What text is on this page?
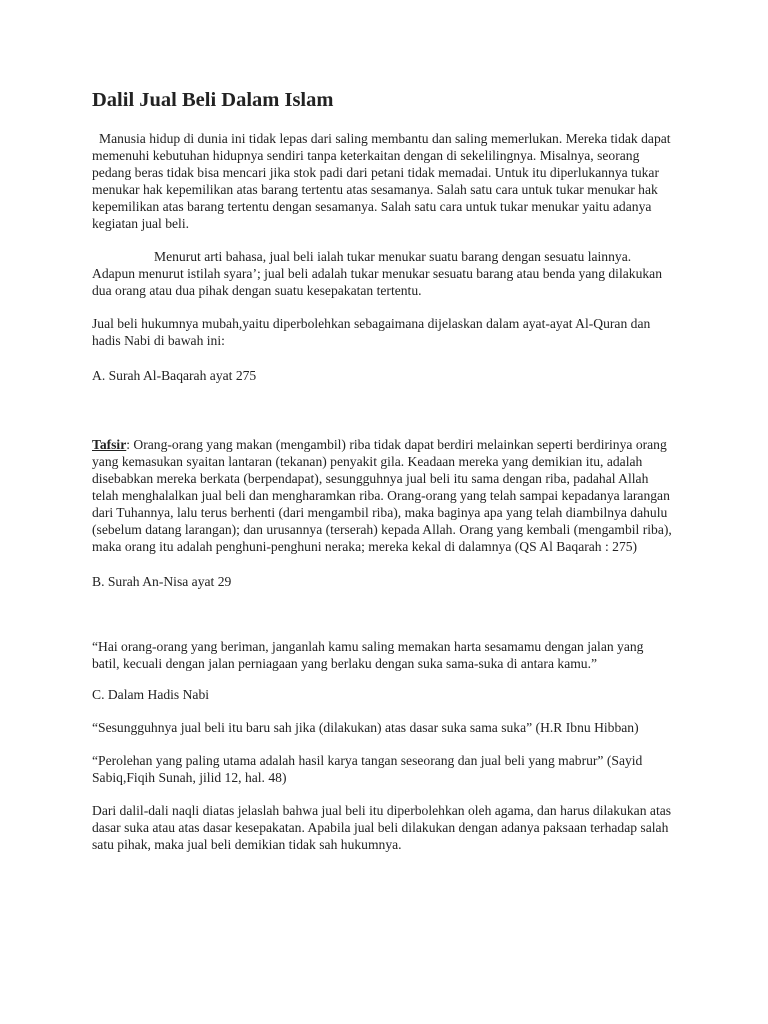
Dalil Jual Beli Dalam Islam

Manusia hidup di dunia ini tidak lepas dari saling membantu dan saling memerlukan. Mereka tidak dapat memenuhi kebutuhan hidupnya sendiri tanpa keterkaitan dengan di sekelilingnya. Misalnya, seorang pedang beras tidak bisa mencari jika stok padi dari petani tidak memadai. Untuk itu diperlukannya tukar menukar hak kepemilikan atas barang tertentu atas sesamanya. Salah satu cara untuk tukar menukar hak kepemilikan atas barang tertentu dengan sesamanya. Salah satu cara untuk tukar menukar yaitu adanya kegiatan jual beli.

Menurut arti bahasa, jual beli ialah tukar menukar suatu barang dengan sesuatu lainnya. Adapun menurut istilah syara’; jual beli adalah tukar menukar sesuatu barang atau benda yang dilakukan dua orang atau dua pihak dengan suatu kesepakatan tertentu.

Jual beli hukumnya mubah,yaitu diperbolehkan sebagaimana dijelaskan dalam ayat-ayat Al-Quran dan hadis Nabi di bawah ini:

A. Surah Al-Baqarah ayat 275

Tafsir: Orang-orang yang makan (mengambil) riba tidak dapat berdiri melainkan seperti berdirinya orang yang kemasukan syaitan lantaran (tekanan) penyakit gila. Keadaan mereka yang demikian itu, adalah disebabkan mereka berkata (berpendapat), sesungguhnya jual beli itu sama dengan riba, padahal Allah telah menghalalkan jual beli dan mengharamkan riba. Orang-orang yang telah sampai kepadanya larangan dari Tuhannya, lalu terus berhenti (dari mengambil riba), maka baginya apa yang telah diambilnya dahulu (sebelum datang larangan); dan urusannya (terserah) kepada Allah. Orang yang kembali (mengambil riba), maka orang itu adalah penghuni-penghuni neraka; mereka kekal di dalamnya (QS Al Baqarah : 275)

B. Surah An-Nisa ayat 29

“Hai orang-orang yang beriman, janganlah kamu saling memakan harta sesamamu dengan jalan yang batil, kecuali dengan jalan perniagaan yang berlaku dengan suka sama-suka di antara kamu.”

C. Dalam Hadis Nabi

“Sesungguhnya jual beli itu baru sah jika (dilakukan) atas dasar suka sama suka” (H.R Ibnu Hibban)

“Perolehan yang paling utama adalah hasil karya tangan seseorang dan jual beli yang mabrur” (Sayid Sabiq,Fiqih Sunah, jilid 12, hal. 48)

Dari dalil-dali naqli diatas jelaslah bahwa jual beli itu diperbolehkan oleh agama, dan harus dilakukan atas dasar suka atau atas dasar kesepakatan. Apabila jual beli dilakukan dengan adanya paksaan terhadap salah satu pihak, maka jual beli demikian tidak sah hukumnya.
